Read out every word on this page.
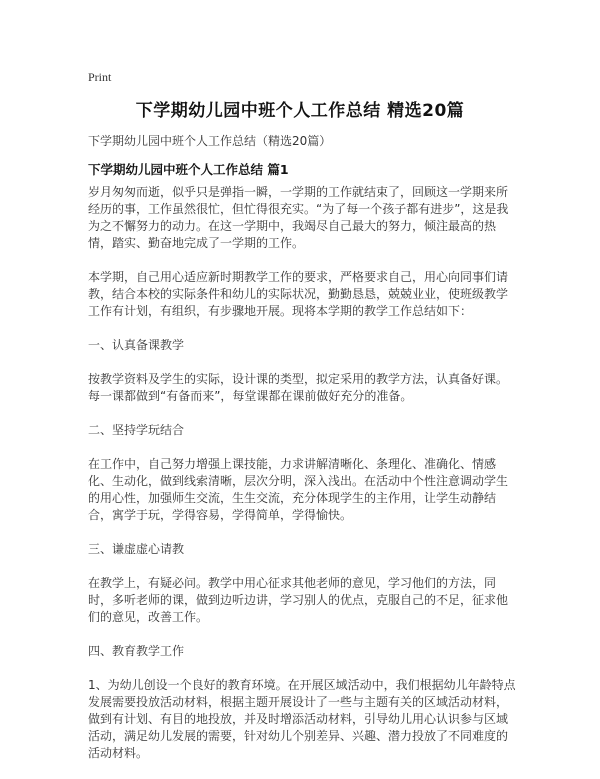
Print
下学期幼儿园中班个人工作总结 精选20篇
下学期幼儿园中班个人工作总结（精选20篇）
下学期幼儿园中班个人工作总结 篇1

岁月匆匆而逝，似乎只是弹指一瞬，一学期的工作就结束了，回顾这一学期来所经历的事，工作虽然很忙，但忙得很充实。“为了每一个孩子都有进步”，这是我为之不懈努力的动力。在这一学期中，我竭尽自己最大的努力，倾注最高的热情，踏实、勤奋地完成了一学期的工作。

本学期，自己用心适应新时期教学工作的要求，严格要求自己，用心向同事们请教，结合本校的实际条件和幼儿的实际状况，勤勤恳恳，兢兢业业，使班级教学工作有计划，有组织，有步骤地开展。现将本学期的教学工作总结如下：

一、认真备课教学

按教学资料及学生的实际，设计课的类型，拟定采用的教学方法，认真备好课。每一课都做到“有备而来”，每堂课都在课前做好充分的准备。

二、坚持学玩结合

在工作中，自己努力增强上课技能，力求讲解清晰化、条理化、准确化、情感化、生动化，做到线索清晰，层次分明，深入浅出。在活动中个性注意调动学生的用心性，加强师生交流，生生交流，充分体现学生的主作用，让学生动静结合，寓学于玩，学得容易，学得简单，学得愉快。

三、谦虚虚心请教

在教学上，有疑必问。教学中用心征求其他老师的意见，学习他们的方法，同时，多听老师的课，做到边听边讲，学习别人的优点，克服自己的不足，征求他们的意见，改善工作。

四、教育教学工作

1、为幼儿创设一个良好的教育环境。在开展区域活动中，我们根据幼儿年龄特点发展需要投放活动材料，根据主题开展设计了一些与主题有关的区域活动材料，做到有计划、有目的地投放，并及时增添活动材料，引导幼儿用心认识参与区域活动，满足幼儿发展的需要，针对幼儿个别差异、兴趣、潜力投放了不同难度的活动材料。
